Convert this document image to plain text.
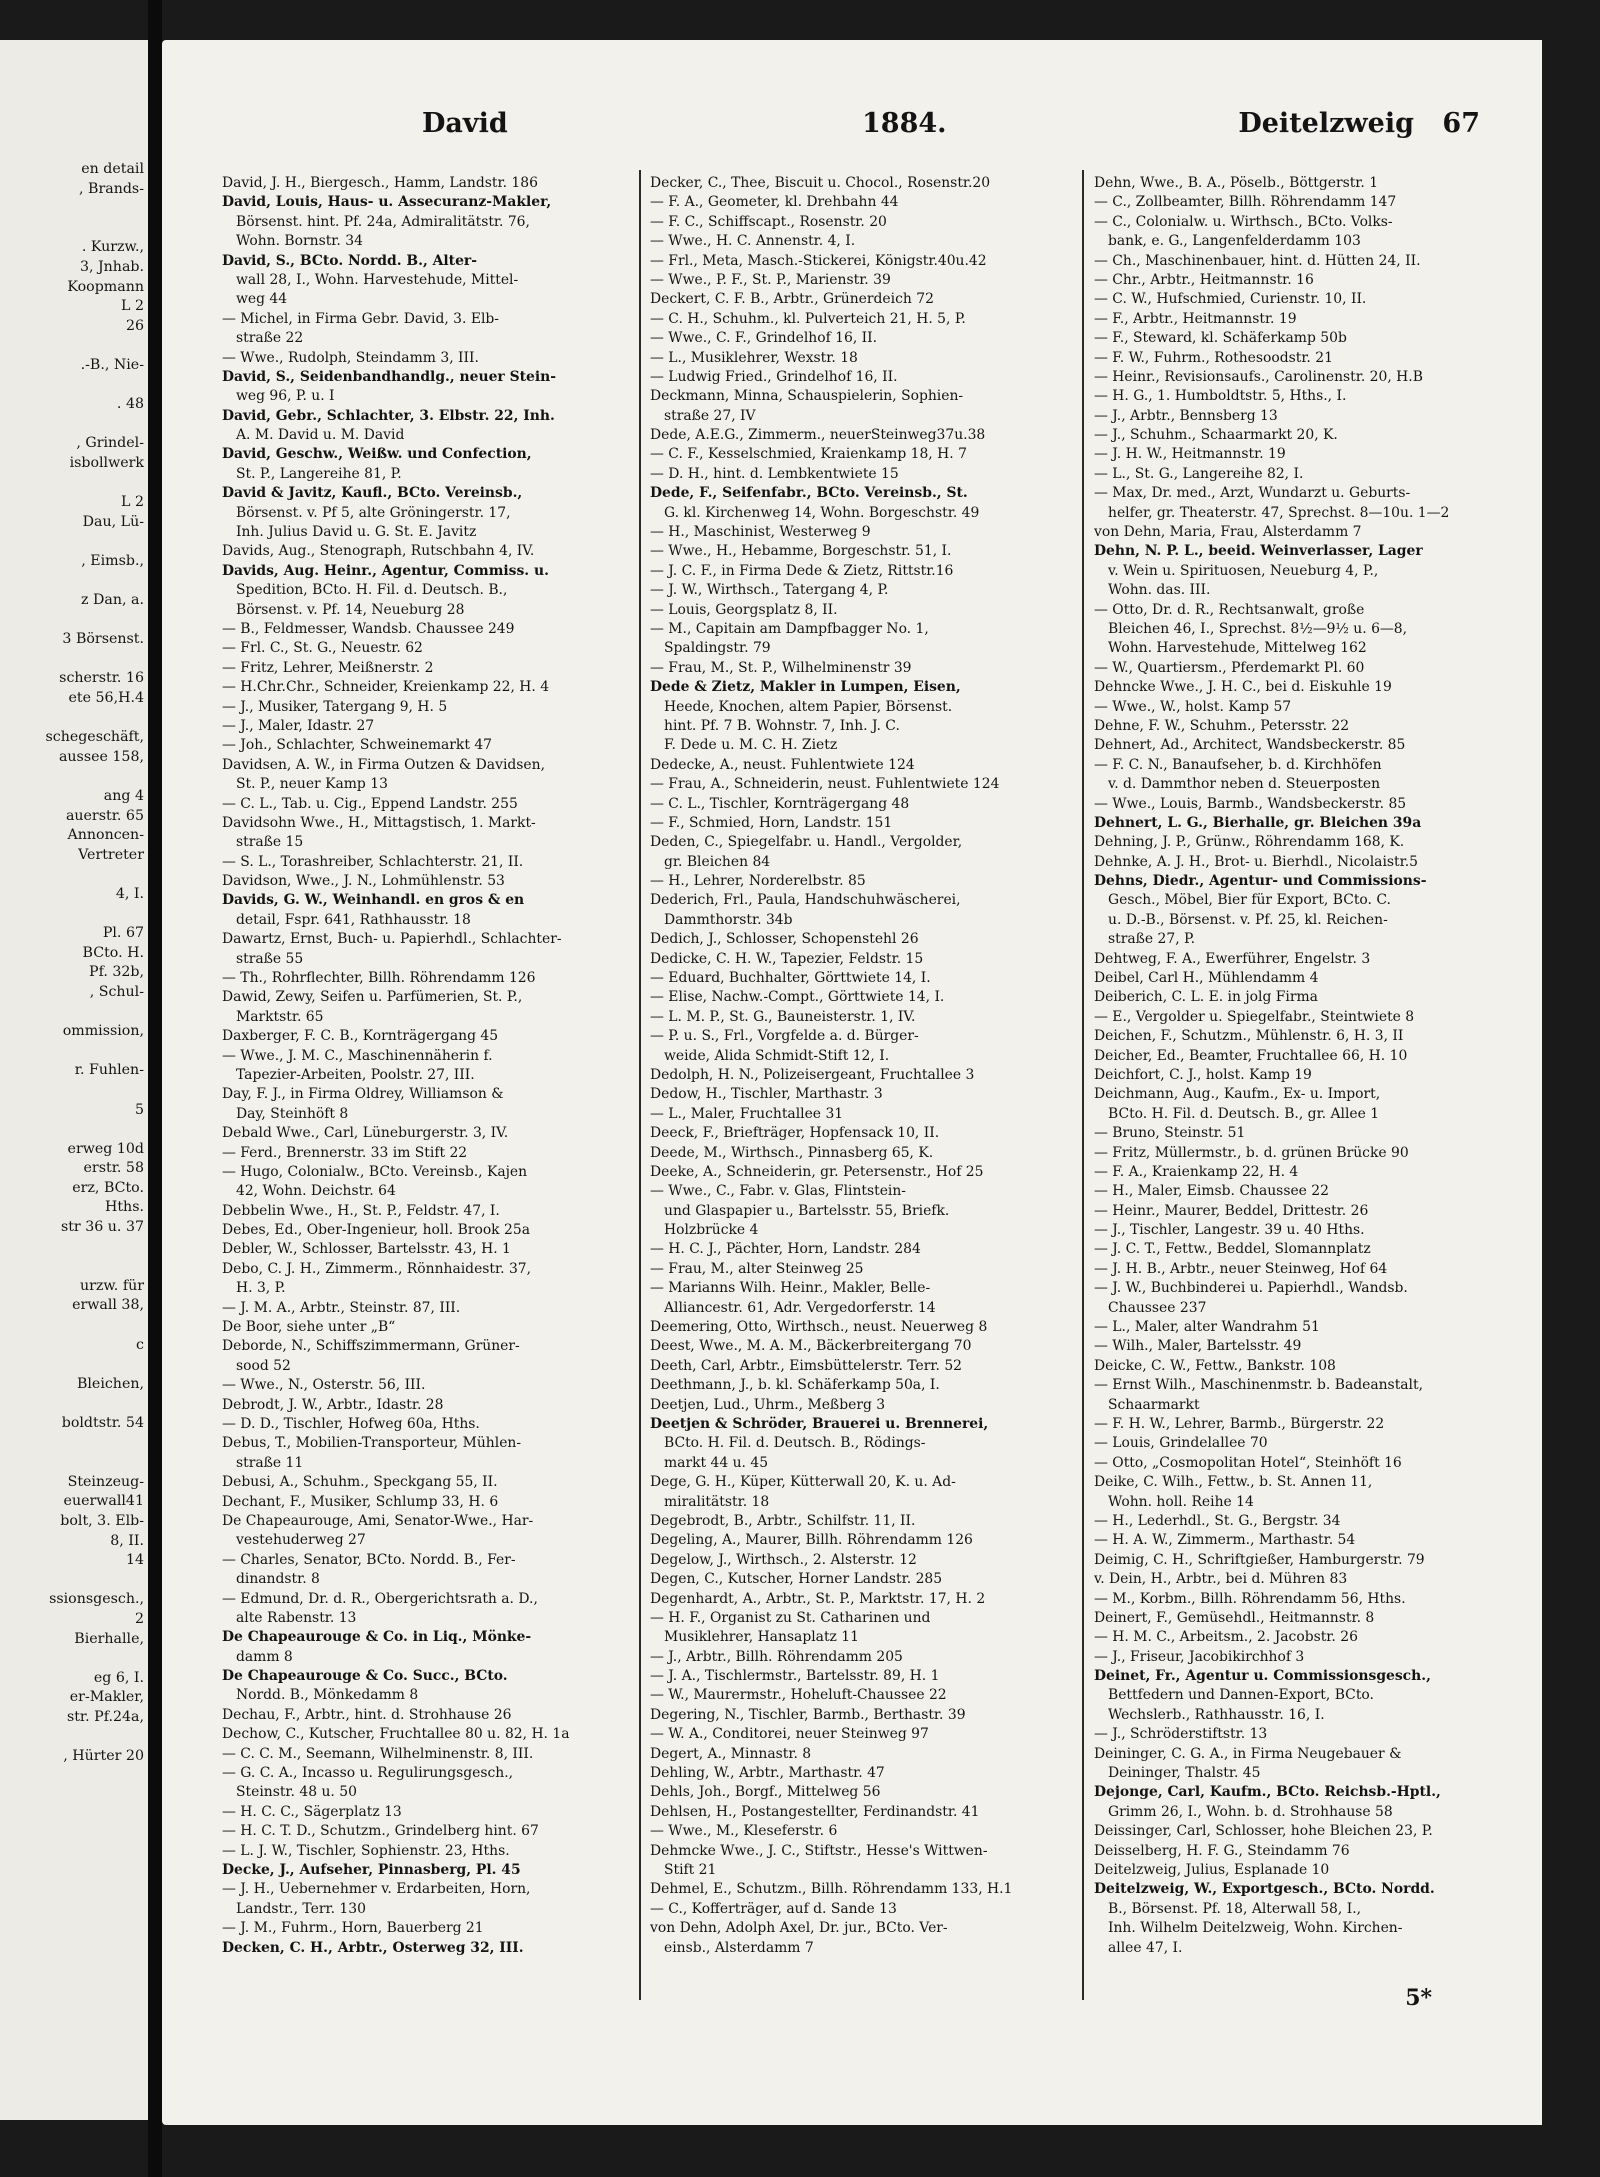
en detail
, Brands-
. Kurzw.,
3, Jnhab.
Koopmann
L 2
26
.-B., Nie-
. 48
, Grindel-
isbollwerk
L 2
Dau, Lü-
, Eimsb.,
z Dan, a.
3 Börsenst.
scherstr. 16
ete 56,H.4
schegeschäft,
aussee 158,
ang 4
auerstr. 65
Annoncen-
Vertreter
4, I.
Pl. 67
BCto. H.
Pf. 32b,
, Schul-
ommission,
r. Fuhlen-
5
erweg 10d
erstr. 58
erz, BCto.
Hths.
str 36 u. 37
urzw. für
erwall 38,
c
Bleichen,
boldtstr. 54
Steinzeug-
euerwall41
bolt, 3. Elb-
8, II.
14
ssionsgesch.,
2
Bierhalle,
eg 6, I.
er-Makler,
str. Pf.24a,
, Hürter 20
David	1884.	Deitelzweig 67
David, J. H., Biergesch., Hamm, Landstr. 186
David, Louis, Haus- u. Assecuranz-Makler,
Börsenst. hint. Pf. 24a, Admiralitätstr. 76,
Wohn. Bornstr. 34
David, S., BCto. Nordd. B., Alter-
wall 28, I., Wohn. Harvestehude, Mittel-
weg 44
— Michel, in Firma Gebr. David, 3. Elb-
straße 22
— Wwe., Rudolph, Steindamm 3, III.
David, S., Seidenbandhandlg., neuer Stein-
weg 96, P. u. I
David, Gebr., Schlachter, 3. Elbstr. 22, Inh.
A. M. David u. M. David
David, Geschw., Weißw. und Confection,
St. P., Langereihe 81, P.
David & Javitz, Kaufl., BCto. Vereinsb.,
Börsenst. v. Pf 5, alte Gröningerstr. 17,
Inh. Julius David u. G. St. E. Javitz
Davids, Aug., Stenograph, Rutschbahn 4, IV.
Davids, Aug. Heinr., Agentur, Commiss. u.
Spedition, BCto. H. Fil. d. Deutsch. B.,
Börsenst. v. Pf. 14, Neueburg 28
— B., Feldmesser, Wandsb. Chaussee 249
— Frl. C., St. G., Neuestr. 62
— Fritz, Lehrer, Meißnerstr. 2
— H.Chr.Chr., Schneider, Kreienkamp 22, H. 4
— J., Musiker, Tatergang 9, H. 5
— J., Maler, Idastr. 27
— Joh., Schlachter, Schweinemarkt 47
Davidsen, A. W., in Firma Outzen & Davidsen,
St. P., neuer Kamp 13
— C. L., Tab. u. Cig., Eppend Landstr. 255
Davidsohn Wwe., H., Mittagstisch, 1. Markt-
straße 15
— S. L., Torashreiber, Schlachterstr. 21, II.
Davidson, Wwe., J. N., Lohmühlenstr. 53
Davids, G. W., Weinhandl. en gros & en
detail, Fspr. 641, Rathhausstr. 18
Dawartz, Ernst, Buch- u. Papierhdl., Schlachter-
straße 55
— Th., Rohrflechter, Billh. Röhrendamm 126
Dawid, Zewy, Seifen u. Parfümerien, St. P.,
Marktstr. 65
Daxberger, F. C. B., Kornträgergang 45
— Wwe., J. M. C., Maschinennäherin f.
Tapezier-Arbeiten, Poolstr. 27, III.
Day, F. J., in Firma Oldrey, Williamson &
Day, Steinhöft 8
Debald Wwe., Carl, Lüneburgerstr. 3, IV.
— Ferd., Brennerstr. 33 im Stift 22
— Hugo, Colonialw., BCto. Vereinsb., Kajen
42, Wohn. Deichstr. 64
Debbelin Wwe., H., St. P., Feldstr. 47, I.
Debes, Ed., Ober-Ingenieur, holl. Brook 25a
Debler, W., Schlosser, Bartelsstr. 43, H. 1
Debo, C. J. H., Zimmerm., Rönnhaidestr. 37,
H. 3, P.
— J. M. A., Arbtr., Steinstr. 87, III.
De Boor, siehe unter „B“
Deborde, N., Schiffszimmermann, Grüner-
sood 52
— Wwe., N., Osterstr. 56, III.
Debrodt, J. W., Arbtr., Idastr. 28
— D. D., Tischler, Hofweg 60a, Hths.
Debus, T., Mobilien-Transporteur, Mühlen-
straße 11
Debusi, A., Schuhm., Speckgang 55, II.
Dechant, F., Musiker, Schlump 33, H. 6
De Chapeaurouge, Ami, Senator-Wwe., Har-
vestehuderweg 27
— Charles, Senator, BCto. Nordd. B., Fer-
dinandstr. 8
— Edmund, Dr. d. R., Obergerichtsrath a. D.,
alte Rabenstr. 13
De Chapeaurouge & Co. in Liq., Mönke-
damm 8
De Chapeaurouge & Co. Succ., BCto.
Nordd. B., Mönkedamm 8
Dechau, F., Arbtr., hint. d. Strohhause 26
Dechow, C., Kutscher, Fruchtallee 80 u. 82, H. 1a
— C. C. M., Seemann, Wilhelminenstr. 8, III.
— G. C. A., Incasso u. Regulirungsgesch.,
Steinstr. 48 u. 50
— H. C. C., Sägerplatz 13
— H. C. T. D., Schutzm., Grindelberg hint. 67
— L. J. W., Tischler, Sophienstr. 23, Hths.
Decke, J., Aufseher, Pinnasberg, Pl. 45
— J. H., Uebernehmer v. Erdarbeiten, Horn,
Landstr., Terr. 130
— J. M., Fuhrm., Horn, Bauerberg 21
Decken, C. H., Arbtr., Osterweg 32, III.
Decker, C., Thee, Biscuit u. Chocol., Rosenstr.20
— F. A., Geometer, kl. Drehbahn 44
— F. C., Schiffscapt., Rosenstr. 20
— Wwe., H. C. Annenstr. 4, I.
— Frl., Meta, Masch.-Stickerei, Königstr.40u.42
— Wwe., P. F., St. P., Marienstr. 39
Deckert, C. F. B., Arbtr., Grünerdeich 72
— C. H., Schuhm., kl. Pulverteich 21, H. 5, P.
— Wwe., C. F., Grindelhof 16, II.
— L., Musiklehrer, Wexstr. 18
— Ludwig Fried., Grindelhof 16, II.
Deckmann, Minna, Schauspielerin, Sophien-
straße 27, IV
Dede, A.E.G., Zimmerm., neuerSteinweg37u.38
— C. F., Kesselschmied, Kraienkamp 18, H. 7
— D. H., hint. d. Lembkentwiete 15
Dede, F., Seifenfabr., BCto. Vereinsb., St.
G. kl. Kirchenweg 14, Wohn. Borgeschstr. 49
— H., Maschinist, Westerweg 9
— Wwe., H., Hebamme, Borgeschstr. 51, I.
— J. C. F., in Firma Dede & Zietz, Rittstr.16
— J. W., Wirthsch., Tatergang 4, P.
— Louis, Georgsplatz 8, II.
— M., Capitain am Dampfbagger No. 1,
Spaldingstr. 79
— Frau, M., St. P., Wilhelminenstr 39
Dede & Zietz, Makler in Lumpen, Eisen,
Heede, Knochen, altem Papier, Börsenst.
hint. Pf. 7 B. Wohnstr. 7, Inh. J. C.
F. Dede u. M. C. H. Zietz
Dedecke, A., neust. Fuhlentwiete 124
— Frau, A., Schneiderin, neust. Fuhlentwiete 124
— C. L., Tischler, Kornträgergang 48
— F., Schmied, Horn, Landstr. 151
Deden, C., Spiegelfabr. u. Handl., Vergolder,
gr. Bleichen 84
— H., Lehrer, Norderelbstr. 85
Dederich, Frl., Paula, Handschuhwäscherei,
Dammthorstr. 34b
Dedich, J., Schlosser, Schopenstehl 26
Dedicke, C. H. W., Tapezier, Feldstr. 15
— Eduard, Buchhalter, Görttwiete 14, I.
— Elise, Nachw.-Compt., Görttwiete 14, I.
— L. M. P., St. G., Bauneisterstr. 1, IV.
— P. u. S., Frl., Vorgfelde a. d. Bürger-
weide, Alida Schmidt-Stift 12, I.
Dedolph, H. N., Polizeisergeant, Fruchtallee 3
Dedow, H., Tischler, Marthastr. 3
— L., Maler, Fruchtallee 31
Deeck, F., Briefträger, Hopfensack 10, II.
Deede, M., Wirthsch., Pinnasberg 65, K.
Deeke, A., Schneiderin, gr. Petersenstr., Hof 25
— Wwe., C., Fabr. v. Glas, Flintstein-
und Glaspapier u., Bartelsstr. 55, Briefk.
Holzbrücke 4
— H. C. J., Pächter, Horn, Landstr. 284
— Frau, M., alter Steinweg 25
— Marianns Wilh. Heinr., Makler, Belle-
Alliancestr. 61, Adr. Vergedorferstr. 14
Deemering, Otto, Wirthsch., neust. Neuerweg 8
Deest, Wwe., M. A. M., Bäckerbreitergang 70
Deeth, Carl, Arbtr., Eimsbüttelerstr. Terr. 52
Deethmann, J., b. kl. Schäferkamp 50a, I.
Deetjen, Lud., Uhrm., Meßberg 3
Deetjen & Schröder, Brauerei u. Brennerei,
BCto. H. Fil. d. Deutsch. B., Rödings-
markt 44 u. 45
Dege, G. H., Küper, Kütterwall 20, K. u. Ad-
miralitätstr. 18
Degebrodt, B., Arbtr., Schilfstr. 11, II.
Degeling, A., Maurer, Billh. Röhrendamm 126
Degelow, J., Wirthsch., 2. Alsterstr. 12
Degen, C., Kutscher, Horner Landstr. 285
Degenhardt, A., Arbtr., St. P., Marktstr. 17, H. 2
— H. F., Organist zu St. Catharinen und
Musiklehrer, Hansaplatz 11
— J., Arbtr., Billh. Röhrendamm 205
— J. A., Tischlermstr., Bartelsstr. 89, H. 1
— W., Maurermstr., Hoheluft-Chaussee 22
Degering, N., Tischler, Barmb., Berthastr. 39
— W. A., Conditorei, neuer Steinweg 97
Degert, A., Minnastr. 8
Dehling, W., Arbtr., Marthastr. 47
Dehls, Joh., Borgf., Mittelweg 56
Dehlsen, H., Postangestellter, Ferdinandstr. 41
— Wwe., M., Kleseferstr. 6
Dehmcke Wwe., J. C., Stiftstr., Hesse's Wittwen-
Stift 21
Dehmel, E., Schutzm., Billh. Röhrendamm 133, H.1
— C., Kofferträger, auf d. Sande 13
von Dehn, Adolph Axel, Dr. jur., BCto. Ver-
einsb., Alsterdamm 7
Dehn, Wwe., B. A., Pöselb., Böttgerstr. 1
— C., Zollbeamter, Billh. Röhrendamm 147
— C., Colonialw. u. Wirthsch., BCto. Volks-
bank, e. G., Langenfelderdamm 103
— Ch., Maschinenbauer, hint. d. Hütten 24, II.
— Chr., Arbtr., Heitmannstr. 16
— C. W., Hufschmied, Curienstr. 10, II.
— F., Arbtr., Heitmannstr. 19
— F., Steward, kl. Schäferkamp 50b
— F. W., Fuhrm., Rothesoodstr. 21
— Heinr., Revisionsaufs., Carolinenstr. 20, H.B
— H. G., 1. Humboldtstr. 5, Hths., I.
— J., Arbtr., Bennsberg 13
— J., Schuhm., Schaarmarkt 20, K.
— J. H. W., Heitmannstr. 19
— L., St. G., Langereihe 82, I.
— Max, Dr. med., Arzt, Wundarzt u. Geburts-
helfer, gr. Theaterstr. 47, Sprechst. 8—10u. 1—2
von Dehn, Maria, Frau, Alsterdamm 7
Dehn, N. P. L., beeid. Weinverlasser, Lager
v. Wein u. Spirituosen, Neueburg 4, P.,
Wohn. das. III.
— Otto, Dr. d. R., Rechtsanwalt, große
Bleichen 46, I., Sprechst. 8½—9½ u. 6—8,
Wohn. Harvestehude, Mittelweg 162
— W., Quartiersm., Pferdemarkt Pl. 60
Dehncke Wwe., J. H. C., bei d. Eiskuhle 19
— Wwe., W., holst. Kamp 57
Dehne, F. W., Schuhm., Petersstr. 22
Dehnert, Ad., Architect, Wandsbeckerstr. 85
— F. C. N., Banaufseher, b. d. Kirchhöfen
v. d. Dammthor neben d. Steuerposten
— Wwe., Louis, Barmb., Wandsbeckerstr. 85
Dehnert, L. G., Bierhalle, gr. Bleichen 39a
Dehning, J. P., Grünw., Röhrendamm 168, K.
Dehnke, A. J. H., Brot- u. Bierhdl., Nicolaistr.5
Dehns, Diedr., Agentur- und Commissions-
Gesch., Möbel, Bier für Export, BCto. C.
u. D.-B., Börsenst. v. Pf. 25, kl. Reichen-
straße 27, P.
Dehtweg, F. A., Ewerführer, Engelstr. 3
Deibel, Carl H., Mühlendamm 4
Deiberich, C. L. E. in jolg Firma
— E., Vergolder u. Spiegelfabr., Steintwiete 8
Deichen, F., Schutzm., Mühlenstr. 6, H. 3, II
Deicher, Ed., Beamter, Fruchtallee 66, H. 10
Deichfort, C. J., holst. Kamp 19
Deichmann, Aug., Kaufm., Ex- u. Import,
BCto. H. Fil. d. Deutsch. B., gr. Allee 1
— Bruno, Steinstr. 51
— Fritz, Müllermstr., b. d. grünen Brücke 90
— F. A., Kraienkamp 22, H. 4
— H., Maler, Eimsb. Chaussee 22
— Heinr., Maurer, Beddel, Drittestr. 26
— J., Tischler, Langestr. 39 u. 40 Hths.
— J. C. T., Fettw., Beddel, Slomannplatz
— J. H. B., Arbtr., neuer Steinweg, Hof 64
— J. W., Buchbinderei u. Papierhdl., Wandsb.
Chaussee 237
— L., Maler, alter Wandrahm 51
— Wilh., Maler, Bartelsstr. 49
Deicke, C. W., Fettw., Bankstr. 108
— Ernst Wilh., Maschinenmstr. b. Badeanstalt,
Schaarmarkt
— F. H. W., Lehrer, Barmb., Bürgerstr. 22
— Louis, Grindelallee 70
— Otto, „Cosmopolitan Hotel“, Steinhöft 16
Deike, C. Wilh., Fettw., b. St. Annen 11,
Wohn. holl. Reihe 14
— H., Lederhdl., St. G., Bergstr. 34
— H. A. W., Zimmerm., Marthastr. 54
Deimig, C. H., Schriftgießer, Hamburgerstr. 79
v. Dein, H., Arbtr., bei d. Mühren 83
— M., Korbm., Billh. Röhrendamm 56, Hths.
Deinert, F., Gemüsehdl., Heitmannstr. 8
— H. M. C., Arbeitsm., 2. Jacobstr. 26
— J., Friseur, Jacobikirchhof 3
Deinet, Fr., Agentur u. Commissionsgesch.,
Bettfedern und Dannen-Export, BCto.
Wechslerb., Rathhausstr. 16, I.
— J., Schröderstiftstr. 13
Deininger, C. G. A., in Firma Neugebauer &
Deininger, Thalstr. 45
Dejonge, Carl, Kaufm., BCto. Reichsb.-Hptl.,
Grimm 26, I., Wohn. b. d. Strohhause 58
Deissinger, Carl, Schlosser, hohe Bleichen 23, P.
Deisselberg, H. F. G., Steindamm 76
Deitelzweig, Julius, Esplanade 10
Deitelzweig, W., Exportgesch., BCto. Nordd.
B., Börsenst. Pf. 18, Alterwall 58, I.,
Inh. Wilhelm Deitelzweig, Wohn. Kirchen-
allee 47, I.
5*
